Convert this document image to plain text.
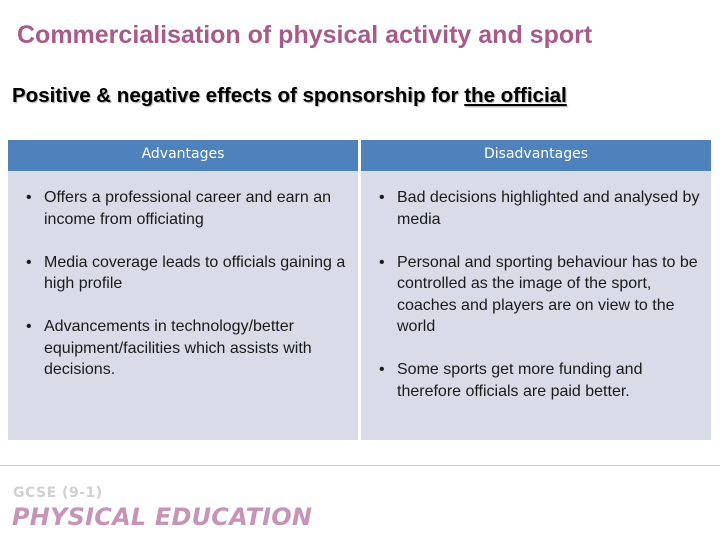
Commercialisation of physical activity and sport
Positive & negative effects of sponsorship for the official
Advantages	Disadvantages
• Offers a professional career and earn an income from officiating
• Media coverage leads to officials gaining a high profile
• Advancements in technology/better equipment/facilities which assists with decisions.
• Bad decisions highlighted and analysed by media
• Personal and sporting behaviour has to be controlled as the image of the sport, coaches and players are on view to the world
• Some sports get more funding and therefore officials are paid better.
GCSE (9-1)
PHYSICAL EDUCATION
